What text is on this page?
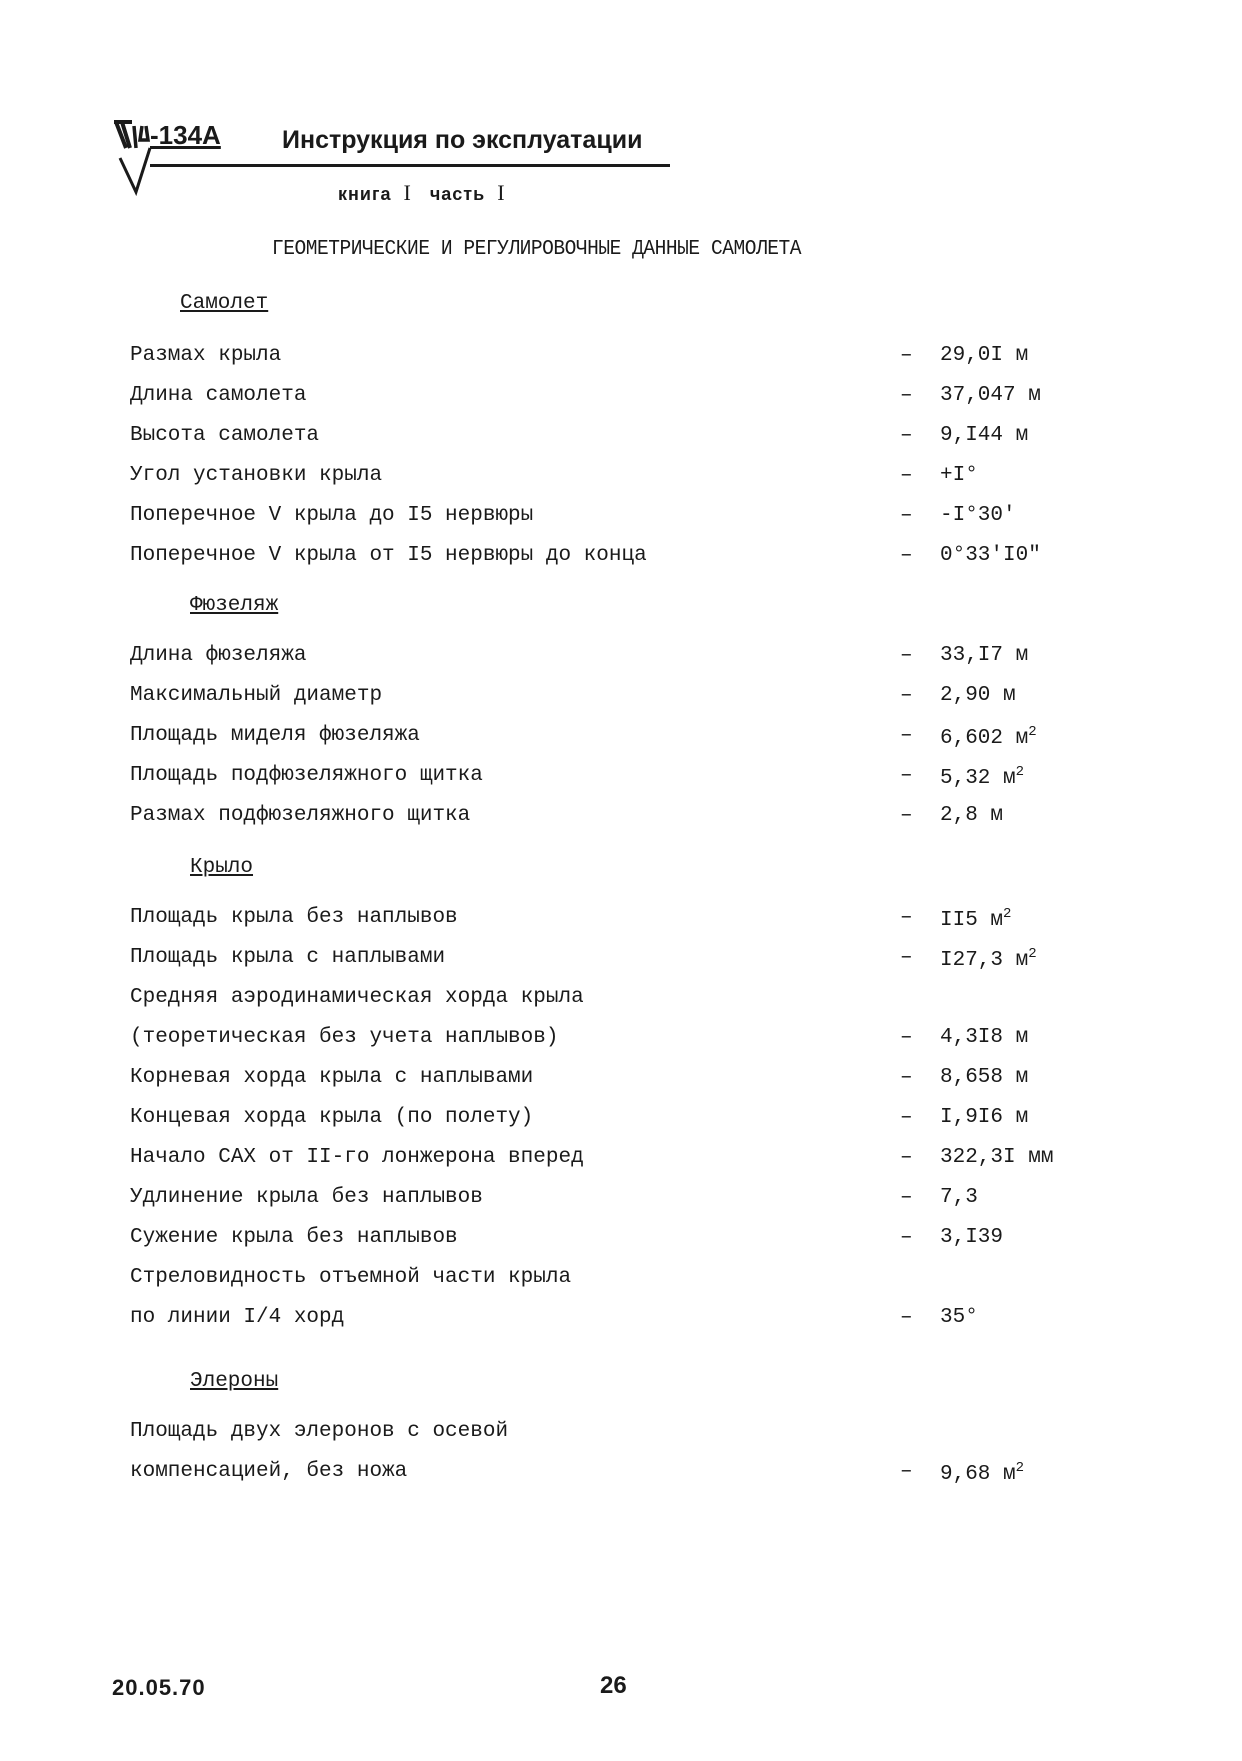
-134A Инструкция по эксплуатации
книга I часть I
ГЕОМЕТРИЧЕСКИЕ И РЕГУЛИРОВОЧНЫЕ ДАННЫЕ САМОЛЕТА
Самолет
Размах крыла	– 29,0I м
Длина самолета	– 37,047 м
Высота самолета	– 9,I44 м
Угол установки крыла	– +I°
Поперечное V крыла до I5 нервюры	– -I°30′
Поперечное V крыла от I5 нервюры до конца	– 0°33′I0″
Фюзеляж
Длина фюзеляжа	– 33,I7 м
Максимальный диаметр	– 2,90 м
Площадь миделя фюзеляжа	– 6,602 $м^2$
Площадь подфюзеляжного щитка	– 5,32 $м^2$
Размах подфюзеляжного щитка	– 2,8 м
Крыло
Площадь крыла без наплывов	– II5 $м^2$
Площадь крыла с наплывами	– I27,3 $м^2$
Средняя аэродинамическая хорда крыла
(теоретическая без учета наплывов)	– 4,3I8 м
Корневая хорда крыла с наплывами	– 8,658 м
Концевая хорда крыла (по полету)	– I,9I6 м
Начало САХ от II-го лонжерона вперед	– 322,3I мм
Удлинение крыла без наплывов	– 7,3
Сужение крыла без наплывов	– 3,I39
Стреловидность отъемной части крыла
по линии I/4 хорд	– 35°
Элероны
Площадь двух элеронов с осевой
компенсацией, без ножа	– 9,68 $м^2$
20.05.70	26
